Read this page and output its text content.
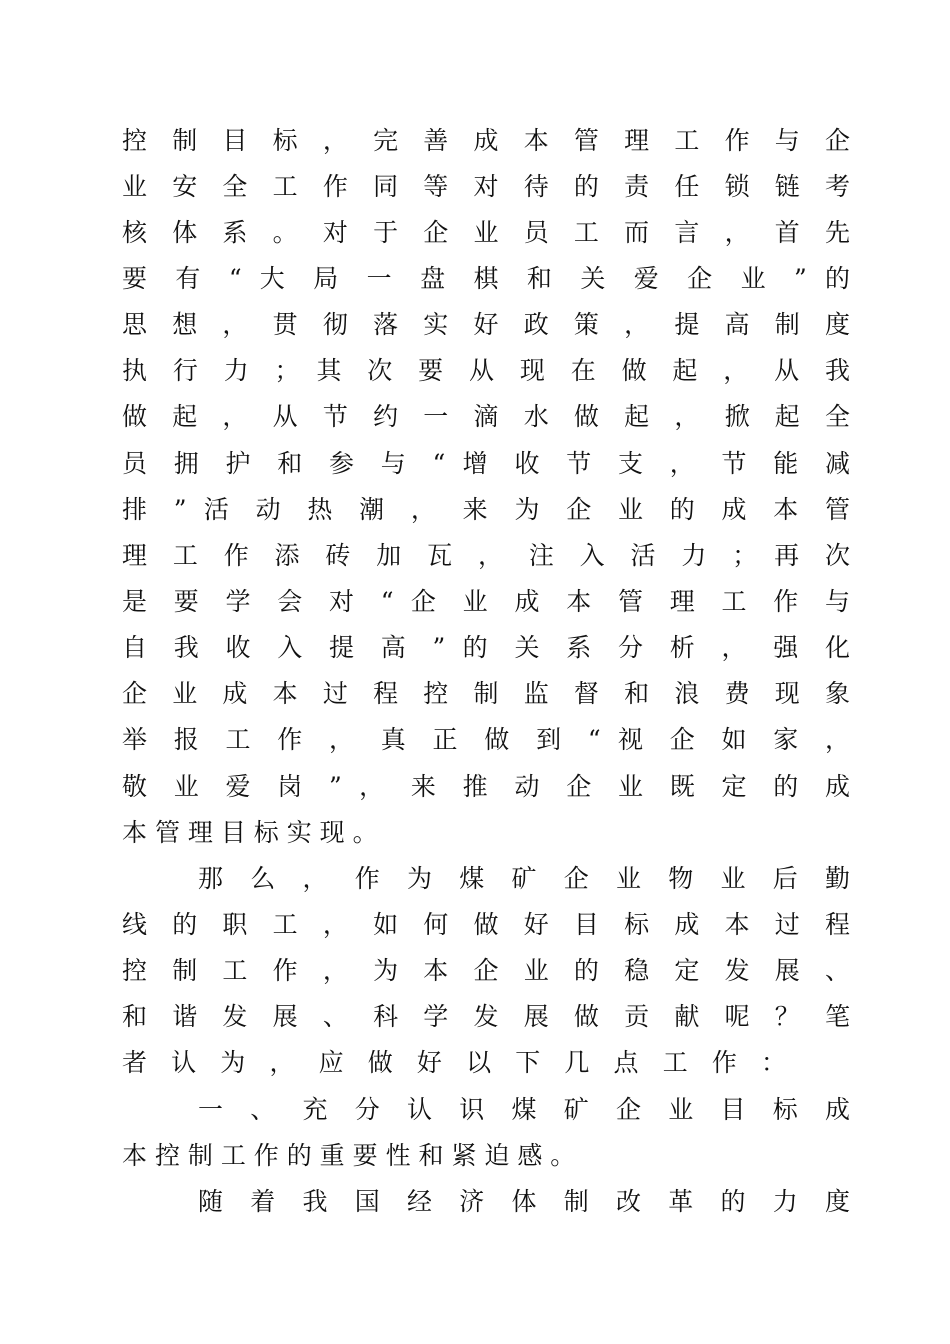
控 制 目 标 ， 完 善 成 本 管 理 工 作 与 企
业 安 全 工 作 同 等 对 待 的 责 任 锁 链 考
核 体 系 。 对 于 企 业 员 工 而 言 ， 首 先
要 有 “ 大 局 一 盘 棋 和 关 爱 企 业 ” 的
思 想 ， 贯 彻 落 实 好 政 策 ， 提 高 制 度
执 行 力 ； 其 次 要 从 现 在 做 起 ， 从 我
做 起 ， 从 节 约 一 滴 水 做 起 ， 掀 起 全
员 拥 护 和 参 与 “ 增 收 节 支 ， 节 能 减
排 ” 活 动 热 潮 ， 来 为 企 业 的 成 本 管
理 工 作 添 砖 加 瓦 ， 注 入 活 力 ； 再 次
是 要 学 会 对 “ 企 业 成 本 管 理 工 作 与
自 我 收 入 提 高 ” 的 关 系 分 析 ， 强 化
企 业 成 本 过 程 控 制 监 督 和 浪 费 现 象
举 报 工 作 ， 真 正 做 到 “ 视 企 如 家 ，
敬 业 爱 岗 ” ， 来 推 动 企 业 既 定 的 成
本 管 理 目 标 实 现 。
那 么 ， 作 为 煤 矿 企 业 物 业 后 勤
线 的 职 工 ， 如 何 做 好 目 标 成 本 过 程
控 制 工 作 ， 为 本 企 业 的 稳 定 发 展 、
和 谐 发 展 、 科 学 发 展 做 贡 献 呢 ？ 笔
者 认 为 ， 应 做 好 以 下 几 点 工 作 ：
一 、 充 分 认 识 煤 矿 企 业 目 标 成
本 控 制 工 作 的 重 要 性 和 紧 迫 感 。
随 着 我 国 经 济 体 制 改 革 的 力 度
